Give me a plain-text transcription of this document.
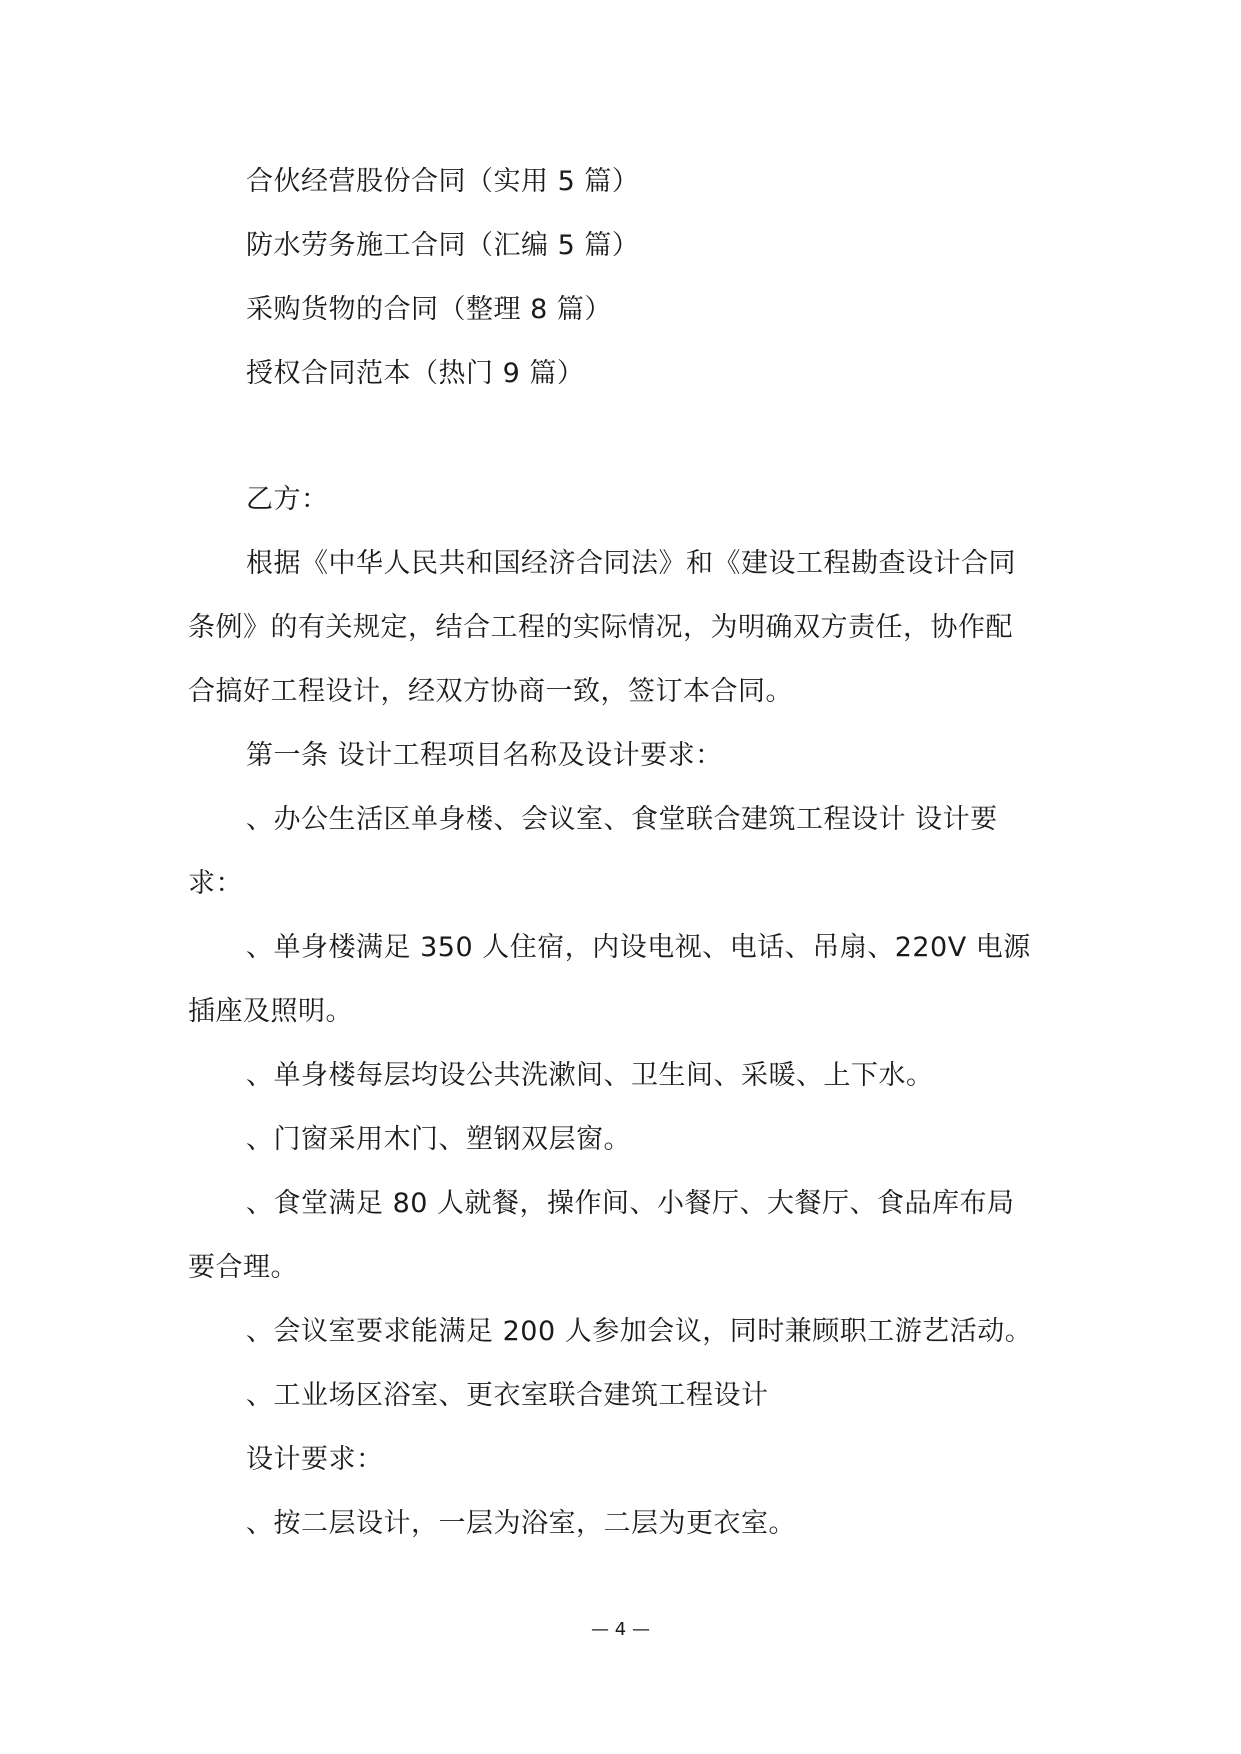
合伙经营股份合同（实用 5 篇）
防水劳务施工合同（汇编 5 篇）
采购货物的合同（整理 8 篇）
授权合同范本（热门 9 篇）
乙方：
根据《中华人民共和国经济合同法》和《建设工程勘查设计合同
条例》的有关规定，结合工程的实际情况，为明确双方责任，协作配
合搞好工程设计，经双方协商一致，签订本合同。
第一条 设计工程项目名称及设计要求：
、办公生活区单身楼、会议室、食堂联合建筑工程设计 设计要
求：
、单身楼满足 350 人住宿，内设电视、电话、吊扇、220V 电源
插座及照明。
、单身楼每层均设公共洗漱间、卫生间、采暖、上下水。
、门窗采用木门、塑钢双层窗。
、食堂满足 80 人就餐，操作间、小餐厅、大餐厅、食品库布局
要合理。
、会议室要求能满足 200 人参加会议，同时兼顾职工游艺活动。
、工业场区浴室、更衣室联合建筑工程设计
设计要求：
、按二层设计，一层为浴室，二层为更衣室。
— 4 —
